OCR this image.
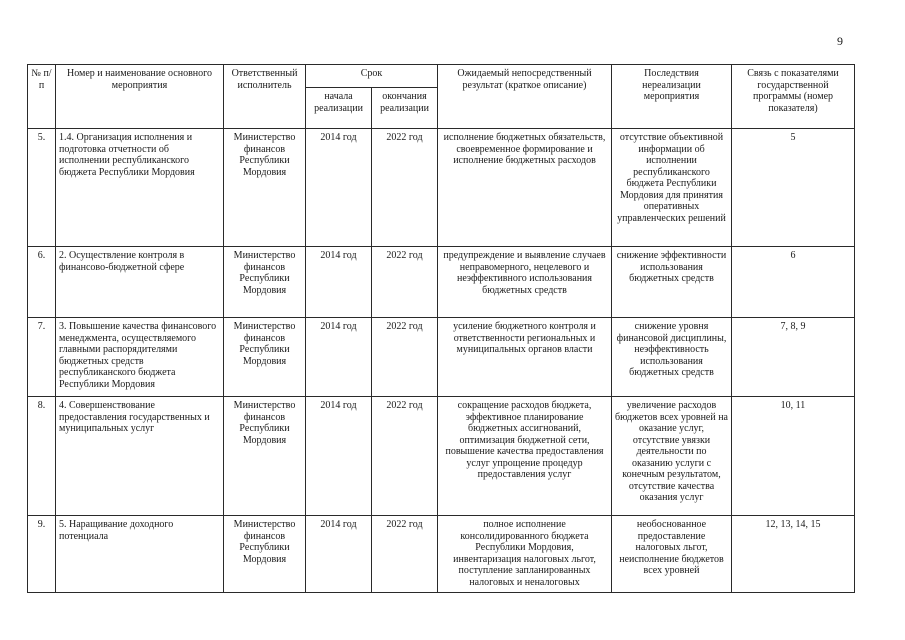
9
№ п/п	Номер и наименование основного мероприятия	Ответственный исполнитель	Срок		Ожидаемый непосредственный результат (краткое описание)	Последствия нереализации мероприятия	Связь с показателями государственной программы (номер показателя)
			начала реализации	окончания реализации			
5.	1.4. Организация исполнения и подготовка отчетности об исполнении республиканского бюджета Республики Мордовия	Министерство финансов Республики Мордовия	2014 год	2022 год	исполнение бюджетных обязательств, своевременное формирование и исполнение бюджетных расходов	отсутствие объективной информации об исполнении республиканского бюджета Республики Мордовия для принятия оперативных управленческих решений	5
6.	2. Осуществление контроля в финансово-бюджетной сфере	Министерство финансов Республики Мордовия	2014 год	2022 год	предупреждение и выявление случаев неправомерного, нецелевого и неэффективного использования бюджетных средств	снижение эффективности использования бюджетных средств	6
7.	3. Повышение качества финансового менеджмента, осуществляемого главными распорядителями бюджетных средств республиканского бюджета Республики Мордовия	Министерство финансов Республики Мордовия	2014 год	2022 год	усиление бюджетного контроля и ответственности региональных и муниципальных органов власти	снижение уровня финансовой дисциплины, неэффективность использования бюджетных средств	7, 8, 9
8.	4. Совершенствование предоставления государственных и муниципальных услуг	Министерство финансов Республики Мордовия	2014 год	2022 год	сокращение расходов бюджета, эффективное планирование бюджетных ассигнований, оптимизация бюджетной сети, повышение качества предоставления услуг упрощение процедур предоставления услуг	увеличение расходов бюджетов всех уровней на оказание услуг, отсутствие увязки деятельности по оказанию услуги с конечным результатом, отсутствие качества оказания услуг	10, 11
9.	5. Наращивание доходного потенциала	Министерство финансов Республики Мордовия	2014 год	2022 год	полное исполнение консолидированного бюджета Республики Мордовия, инвентаризация налоговых льгот, поступление запланированных налоговых и неналоговых	необоснованное предоставление налоговых льгот, неисполнение бюджетов всех уровней	12, 13, 14, 15
